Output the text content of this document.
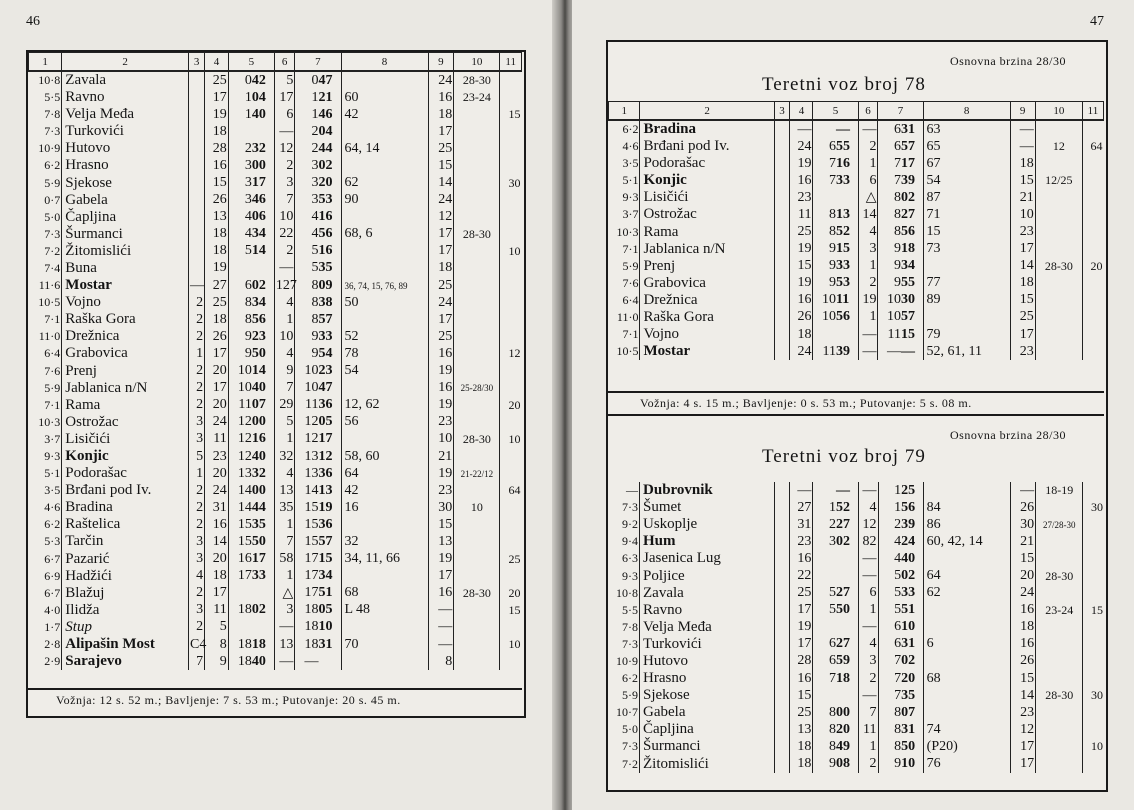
46
1	2	3	4	5		6	7		8	9	10	11
10·8	Zavala		25	0	42	5	0	47		24	28-30	
5·5	Ravno		17	1	04	17	1	21	60	16	23-24	
7·8	Velja Međa		19	1	40	6	1	46	42	18		15
7·3	Turkovići		18			—	2	04		17		
10·9	Hutovo		28	2	32	12	2	44	64, 14	25		
6·2	Hrasno		16	3	00	2	3	02		15		
5·9	Sjekose		15	3	17	3	3	20	62	14		30
0·7	Gabela		26	3	46	7	3	53	90	24		
5·0	Čapljina		13	4	06	10	4	16		12		
7·3	Šurmanci		18	4	34	22	4	56	68, 6	17	28-30	
7·2	Žitomislići		18	5	14	2	5	16		17		10
7·4	Buna		19			—	5	35		18		
11·6	Mostar	—	27	6	02	127	8	09	36, 74, 15, 76, 89	25		
10·5	Vojno	2	25	8	34	4	8	38	50	24		
7·1	Raška Gora	2	18	8	56	1	8	57		17		
11·0	Drežnica	2	26	9	23	10	9	33	52	25		
6·4	Grabovica	1	17	9	50	4	9	54	78	16		12
7·6	Prenj	2	20	10	14	9	10	23	54	19		
5·9	Jablanica n/N	2	17	10	40	7	10	47		16	25-28/30	
7·1	Rama	2	20	11	07	29	11	36	12, 62	19		20
10·3	Ostrožac	3	24	12	00	5	12	05	56	23		
3·7	Lisičići	3	11	12	16	1	12	17		10	28-30	10
9·3	Konjic	5	23	12	40	32	13	12	58, 60	21		
5·1	Podorašac	1	20	13	32	4	13	36	64	19	21-22/12	
3·5	Brđani pod Iv.	2	24	14	00	13	14	13	42	23		64
4·6	Bradina	2	31	14	44	35	15	19	16	30	10	
6·2	Raštelica	2	16	15	35	1	15	36		15		
5·3	Tarčin	3	14	15	50	7	15	57	32	13		
6·7	Pazarić	3	20	16	17	58	17	15	34, 11, 66	19		25
6·9	Hadžići	4	18	17	33	1	17	34		17		
6·7	Blažuj	2	17			△	17	51	68	16	28-30	20
4·0	Ilidža	3	11	18	02	3	18	05	L 48	—		15
1·7	Stup	2	5			—	18	10		—		
2·8	Alipašin Most	C4	8	18	18	13	18	31	70	—		10
2·9	Sarajevo	7	9	18	40	—	—			8		
Vožnja: 12 s. 52 m.; Bavljenje: 7 s. 53 m.; Putovanje: 20 s. 45 m.
47
Osnovna brzina 28/30
Teretni voz broj 78
1	2	3	4	5		6	7		8	9	10	11
6·2	Bradina		—		—	—	6	31	63	—		
4·6	Brđani pod Iv.		24	6	55	2	6	57	65	—	12	64
3·5	Podorašac		19	7	16	1	7	17	67	18		
5·1	Konjic		16	7	33	6	7	39	54	15	12/25	
9·3	Lisičići		23			△	8	02	87	21		
3·7	Ostrožac		11	8	13	14	8	27	71	10		
10·3	Rama		25	8	52	4	8	56	15	23		
7·1	Jablanica n/N		19	9	15	3	9	18	73	17		
5·9	Prenj		15	9	33	1	9	34		14	28-30	20
7·6	Grabovica		19	9	53	2	9	55	77	18		
6·4	Drežnica		16	10	11	19	10	30	89	15		
11·0	Raška Gora		26	10	56	1	10	57		25		
7·1	Vojno		18			—	11	15	79	17		
10·5	Mostar		24	11	39	—	—	—	52, 61, 11	23		
Vožnja: 4 s. 15 m.; Bavljenje: 0 s. 53 m.; Putovanje: 5 s. 08 m.
Osnovna brzina 28/30
Teretni voz broj 79
—	Dubrovnik		—		—	—	1	25		—	18-19	
7·3	Šumet		27	1	52	4	1	56	84	26		30
9·2	Uskoplje		31	2	27	12	2	39	86	30	27/28-30	
9·4	Hum		23	3	02	82	4	24	60, 42, 14	21		
6·3	Jasenica Lug		16			—	4	40		15		
9·3	Poljice		22			—	5	02	64	20	28-30	
10·8	Zavala		25	5	27	6	5	33	62	24		
5·5	Ravno		17	5	50	1	5	51		16	23-24	15
7·8	Velja Međa		19			—	6	10		18		
7·3	Turkovići		17	6	27	4	6	31	6	16		
10·9	Hutovo		28	6	59	3	7	02		26		
6·2	Hrasno		16	7	18	2	7	20	68	15		
5·9	Sjekose		15			—	7	35		14	28-30	30
10·7	Gabela		25	8	00	7	8	07		23		
5·0	Čapljina		13	8	20	11	8	31	74	12		
7·3	Šurmanci		18	8	49	1	8	50	(P20)	17		10
7·2	Žitomislići		18	9	08	2	9	10	76	17		
